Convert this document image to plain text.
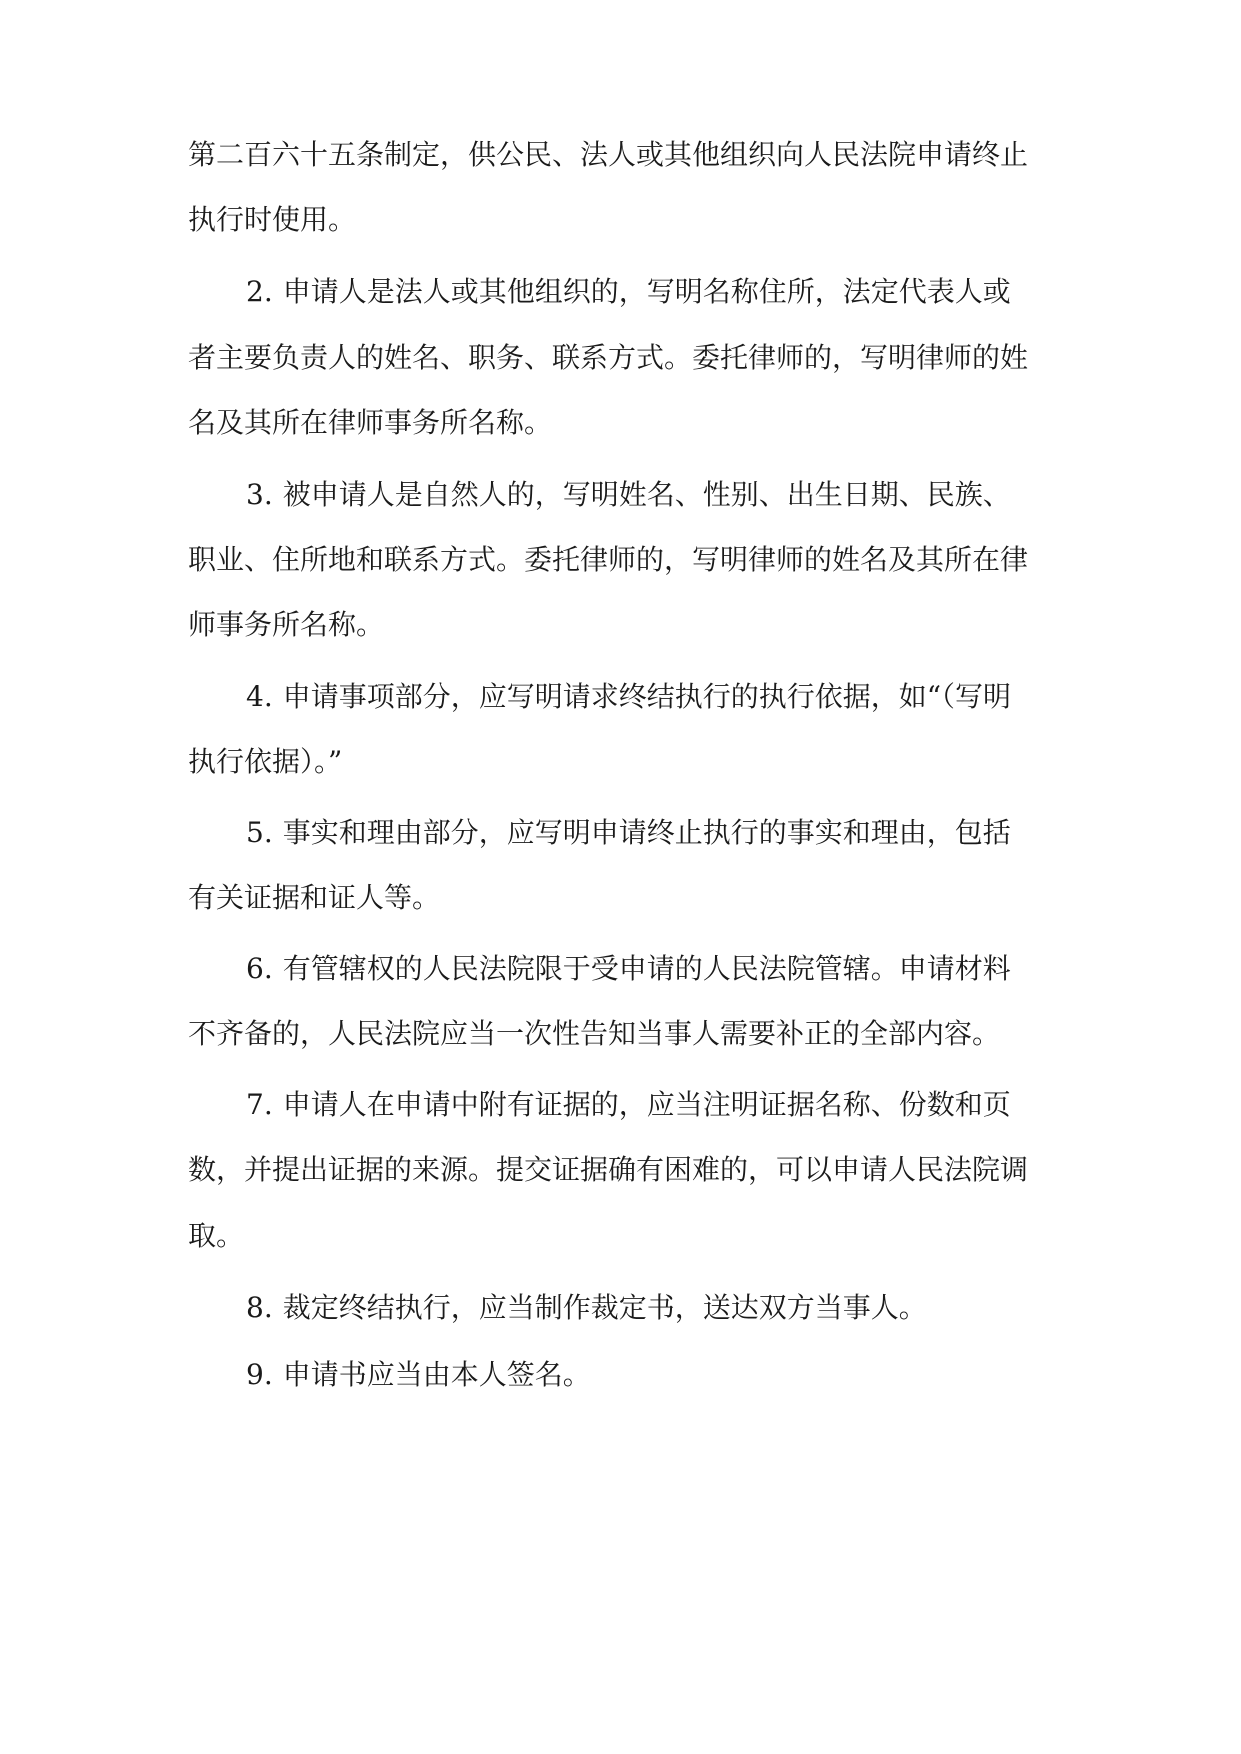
第二百六十五条制定，供公民、法人或其他组织向人民法院申请终止
执行时使用。
2. 申请人是法人或其他组织的，写明名称住所，法定代表人或
者主要负责人的姓名、职务、联系方式。委托律师的，写明律师的姓
名及其所在律师事务所名称。
3. 被申请人是自然人的，写明姓名、性别、出生日期、民族、
职业、住所地和联系方式。委托律师的，写明律师的姓名及其所在律
师事务所名称。
4. 申请事项部分，应写明请求终结执行的执行依据，如“（写明
执行依据）。”
5. 事实和理由部分，应写明申请终止执行的事实和理由，包括
有关证据和证人等。
6. 有管辖权的人民法院限于受申请的人民法院管辖。申请材料
不齐备的，人民法院应当一次性告知当事人需要补正的全部内容。
7. 申请人在申请中附有证据的，应当注明证据名称、份数和页
数，并提出证据的来源。提交证据确有困难的，可以申请人民法院调
取。
8. 裁定终结执行，应当制作裁定书，送达双方当事人。
9. 申请书应当由本人签名。
